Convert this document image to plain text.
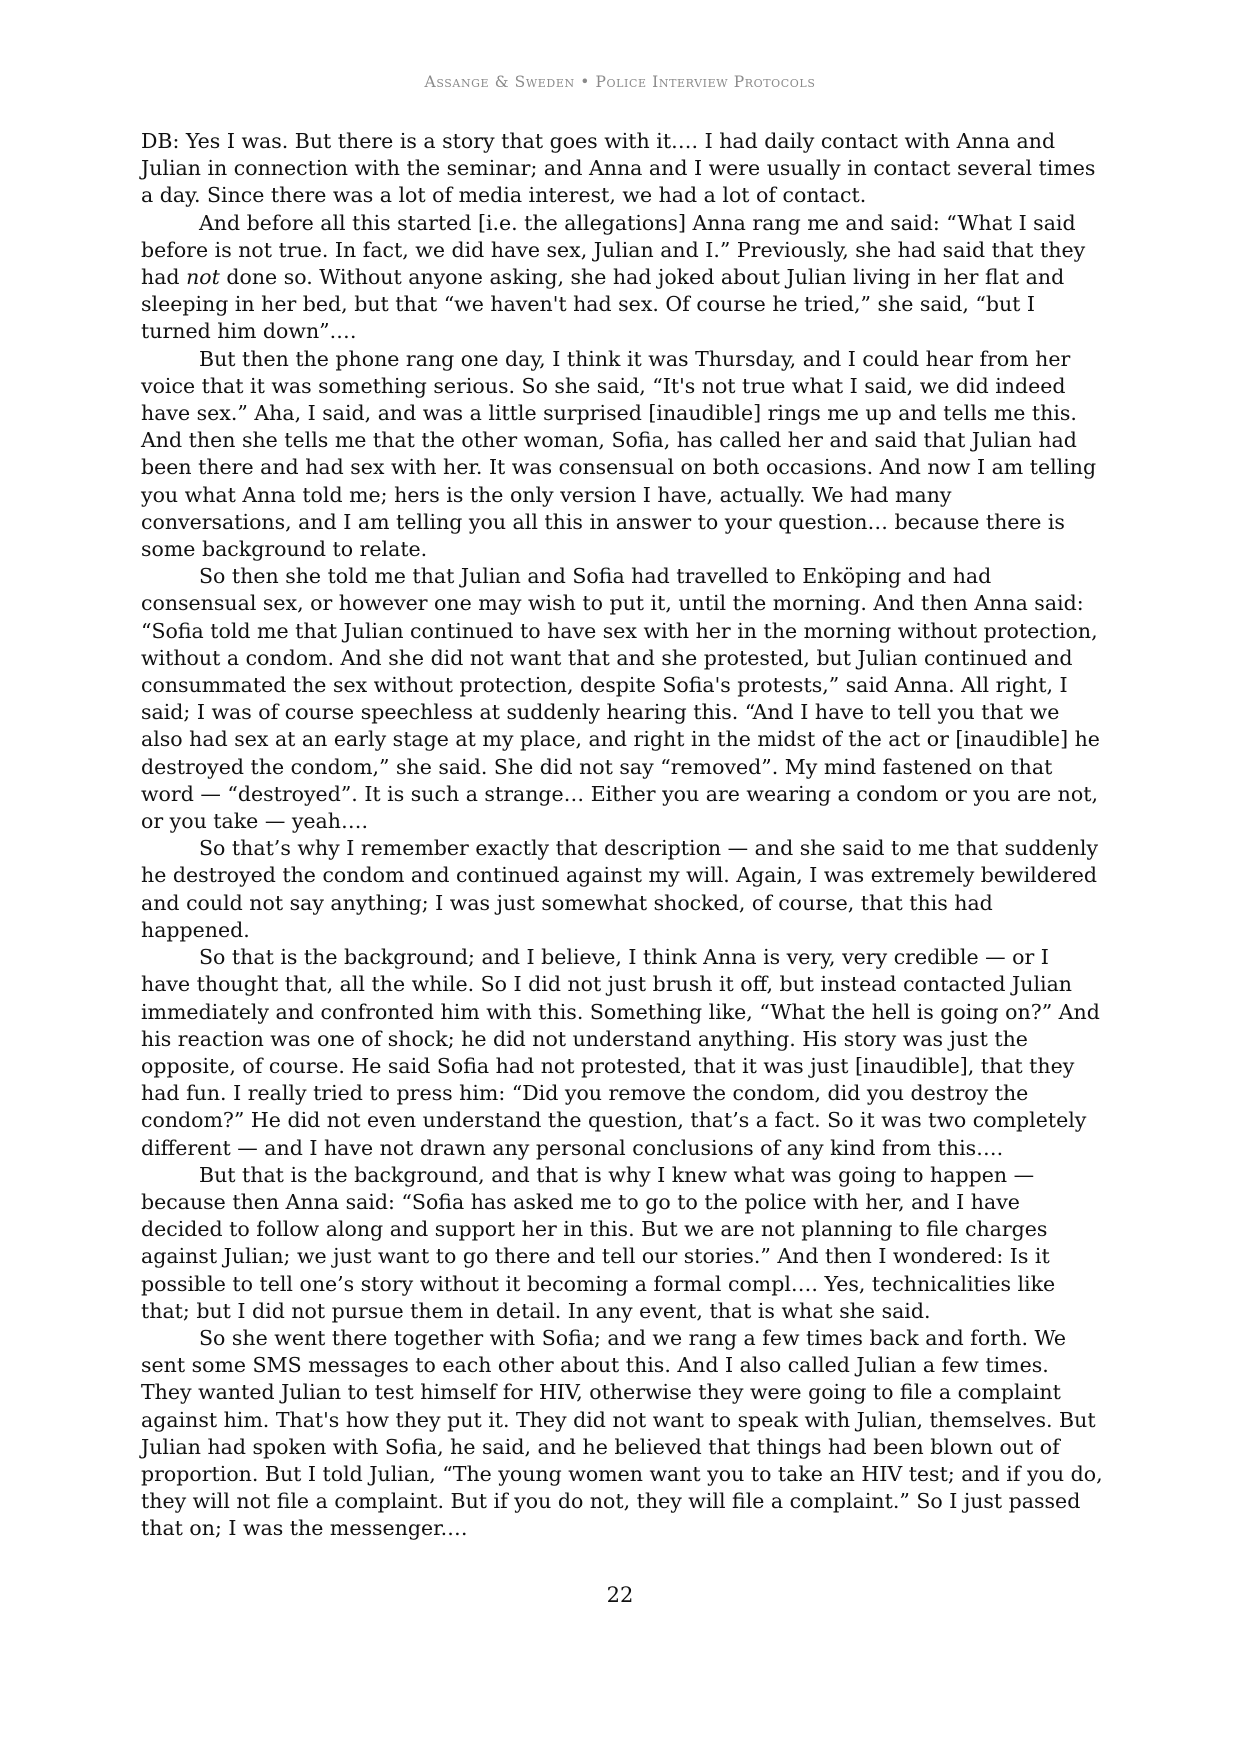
Assange & Sweden • Police Interview Protocols

DB: Yes I was. But there is a story that goes with it…. I had daily contact with Anna and Julian in connection with the seminar; and Anna and I were usually in contact several times a day. Since there was a lot of media interest, we had a lot of contact.

And before all this started [i.e. the allegations] Anna rang me and said: “What I said before is not true. In fact, we did have sex, Julian and I.” Previously, she had said that they had not done so. Without anyone asking, she had joked about Julian living in her flat and sleeping in her bed, but that “we haven't had sex. Of course he tried,” she said, “but I turned him down”.…

But then the phone rang one day, I think it was Thursday, and I could hear from her voice that it was something serious. So she said, “It's not true what I said, we did indeed have sex.” Aha, I said, and was a little surprised [inaudible] rings me up and tells me this. And then she tells me that the other woman, Sofia, has called her and said that Julian had been there and had sex with her. It was consensual on both occasions. And now I am telling you what Anna told me; hers is the only version I have, actually. We had many conversations, and I am telling you all this in answer to your question… because there is some background to relate.

So then she told me that Julian and Sofia had travelled to Enköping and had consensual sex, or however one may wish to put it, until the morning. And then Anna said: “Sofia told me that Julian continued to have sex with her in the morning without protection, without a condom. And she did not want that and she protested, but Julian continued and consummated the sex without protection, despite Sofia's protests,” said Anna. All right, I said; I was of course speechless at suddenly hearing this. “And I have to tell you that we also had sex at an early stage at my place, and right in the midst of the act or [inaudible] he destroyed the condom,” she said. She did not say “removed”. My mind fastened on that word — “destroyed”. It is such a strange… Either you are wearing a condom or you are not, or you take — yeah….

So that’s why I remember exactly that description — and she said to me that suddenly he destroyed the condom and continued against my will. Again, I was extremely bewildered and could not say anything; I was just somewhat shocked, of course, that this had happened.

So that is the background; and I believe, I think Anna is very, very credible — or I have thought that, all the while. So I did not just brush it off, but instead contacted Julian immediately and confronted him with this. Something like, “What the hell is going on?” And his reaction was one of shock; he did not understand anything. His story was just the opposite, of course. He said Sofia had not protested, that it was just [inaudible], that they had fun. I really tried to press him: “Did you remove the condom, did you destroy the condom?” He did not even understand the question, that’s a fact. So it was two completely different — and I have not drawn any personal conclusions of any kind from this….

But that is the background, and that is why I knew what was going to happen — because then Anna said: “Sofia has asked me to go to the police with her, and I have decided to follow along and support her in this. But we are not planning to file charges against Julian; we just want to go there and tell our stories.” And then I wondered: Is it possible to tell one’s story without it becoming a formal compl…. Yes, technicalities like that; but I did not pursue them in detail. In any event, that is what she said.

So she went there together with Sofia; and we rang a few times back and forth. We sent some SMS messages to each other about this. And I also called Julian a few times. They wanted Julian to test himself for HIV, otherwise they were going to file a complaint against him. That's how they put it. They did not want to speak with Julian, themselves. But Julian had spoken with Sofia, he said, and he believed that things had been blown out of proportion. But I told Julian, “The young women want you to take an HIV test; and if you do, they will not file a complaint. But if you do not, they will file a complaint.” So I just passed that on; I was the messenger.…

22
